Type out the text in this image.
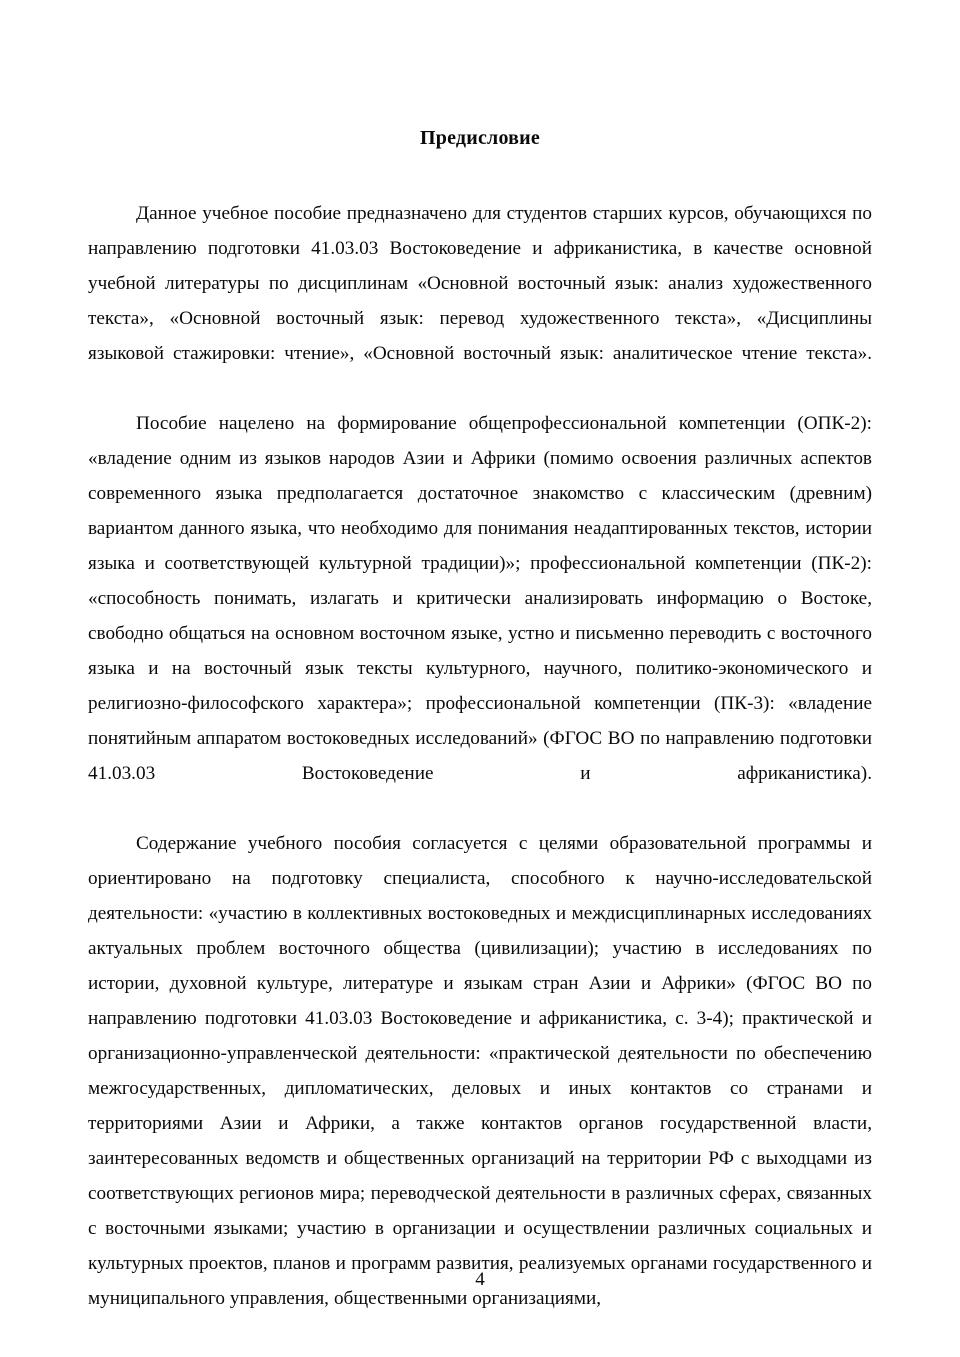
Предисловие

Данное учебное пособие предназначено для студентов старших курсов, обучающихся по направлению подготовки 41.03.03 Востоковедение и африканистика, в качестве основной учебной литературы по дисциплинам «Основной восточный язык: анализ художественного текста», «Основной восточный язык: перевод художественного текста», «Дисциплины языковой стажировки: чтение», «Основной восточный язык: аналитическое чтение текста».

Пособие нацелено на формирование общепрофессиональной компетенции (ОПК-2): «владение одним из языков народов Азии и Африки (помимо освоения различных аспектов современного языка предполагается достаточное знакомство с классическим (древним) вариантом данного языка, что необходимо для понимания неадаптированных текстов, истории языка и соответствующей культурной традиции)»; профессиональной компетенции (ПК-2): «способность понимать, излагать и критически анализировать информацию о Востоке, свободно общаться на основном восточном языке, устно и письменно переводить с восточного языка и на восточный язык тексты культурного, научного, политико-экономического и религиозно-философского характера»; профессиональной компетенции (ПК-3): «владение понятийным аппаратом востоковедных исследований» (ФГОС ВО по направлению подготовки 41.03.03 Востоковедение и африканистика).

Содержание учебного пособия согласуется с целями образовательной программы и ориентировано на подготовку специалиста, способного к научно-исследовательской деятельности: «участию в коллективных востоковедных и междисциплинарных исследованиях актуальных проблем восточного общества (цивилизации); участию в исследованиях по истории, духовной культуре, литературе и языкам стран Азии и Африки» (ФГОС ВО по направлению подготовки 41.03.03 Востоковедение и африканистика, с. 3-4); практической и организационно-управленческой деятельности: «практической деятельности по обеспечению межгосударственных, дипломатических, деловых и иных контактов со странами и территориями Азии и Африки, а также контактов органов государственной власти, заинтересованных ведомств и общественных организаций на территории РФ с выходцами из соответствующих регионов мира; переводческой деятельности в различных сферах, связанных с восточными языками; участию в организации и осуществлении различных социальных и культурных проектов, планов и программ развития, реализуемых органами государственного и муниципального управления, общественными организациями,

4
